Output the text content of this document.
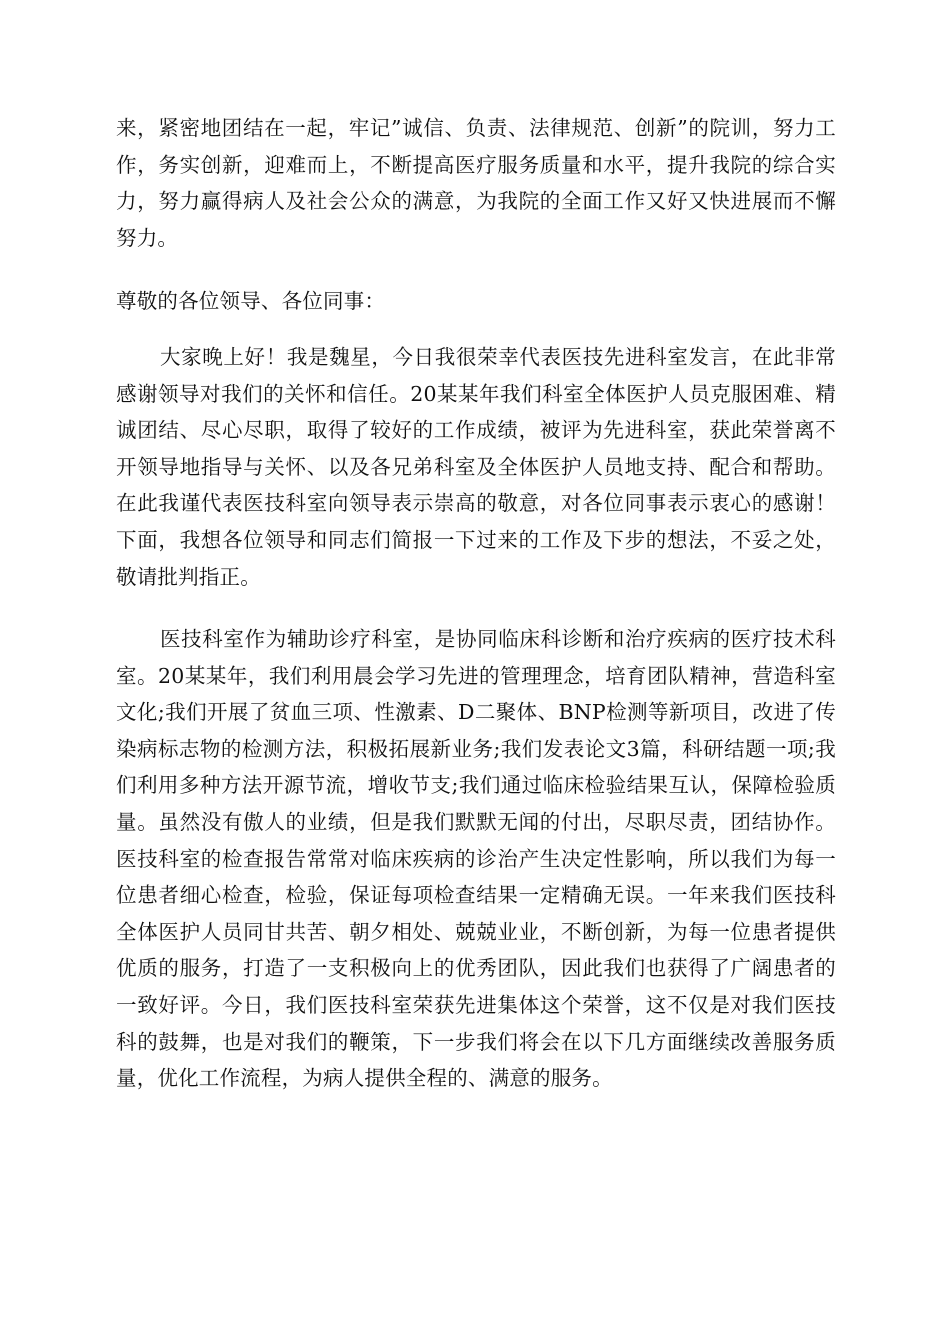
来，紧密地团结在一起，牢记”诚信、负责、法律规范、创新”的院训，努力工作，务实创新，迎难而上，不断提高医疗服务质量和水平，提升我院的综合实力，努力赢得病人及社会公众的满意，为我院的全面工作又好又快进展而不懈努力。

尊敬的各位领导、各位同事：

大家晚上好！我是魏星，今日我很荣幸代表医技先进科室发言，在此非常感谢领导对我们的关怀和信任。20某某年我们科室全体医护人员克服困难、精诚团结、尽心尽职，取得了较好的工作成绩，被评为先进科室，获此荣誉离不开领导地指导与关怀、以及各兄弟科室及全体医护人员地支持、配合和帮助。在此我谨代表医技科室向领导表示崇高的敬意，对各位同事表示衷心的感谢！下面，我想各位领导和同志们简报一下过来的工作及下步的想法，不妥之处，敬请批判指正。

医技科室作为辅助诊疗科室，是协同临床科诊断和治疗疾病的医疗技术科室。20某某年，我们利用晨会学习先进的管理理念，培育团队精神，营造科室文化;我们开展了贫血三项、性激素、D二聚体、BNP检测等新项目，改进了传染病标志物的检测方法，积极拓展新业务;我们发表论文3篇，科研结题一项;我们利用多种方法开源节流，增收节支;我们通过临床检验结果互认，保障检验质量。虽然没有傲人的业绩，但是我们默默无闻的付出，尽职尽责，团结协作。医技科室的检查报告常常对临床疾病的诊治产生决定性影响，所以我们为每一位患者细心检查，检验，保证每项检查结果一定精确无误。一年来我们医技科全体医护人员同甘共苦、朝夕相处、兢兢业业，不断创新，为每一位患者提供优质的服务，打造了一支积极向上的优秀团队，因此我们也获得了广阔患者的一致好评。今日，我们医技科室荣获先进集体这个荣誉，这不仅是对我们医技科的鼓舞，也是对我们的鞭策，下一步我们将会在以下几方面继续改善服务质量，优化工作流程，为病人提供全程的、满意的服务。
